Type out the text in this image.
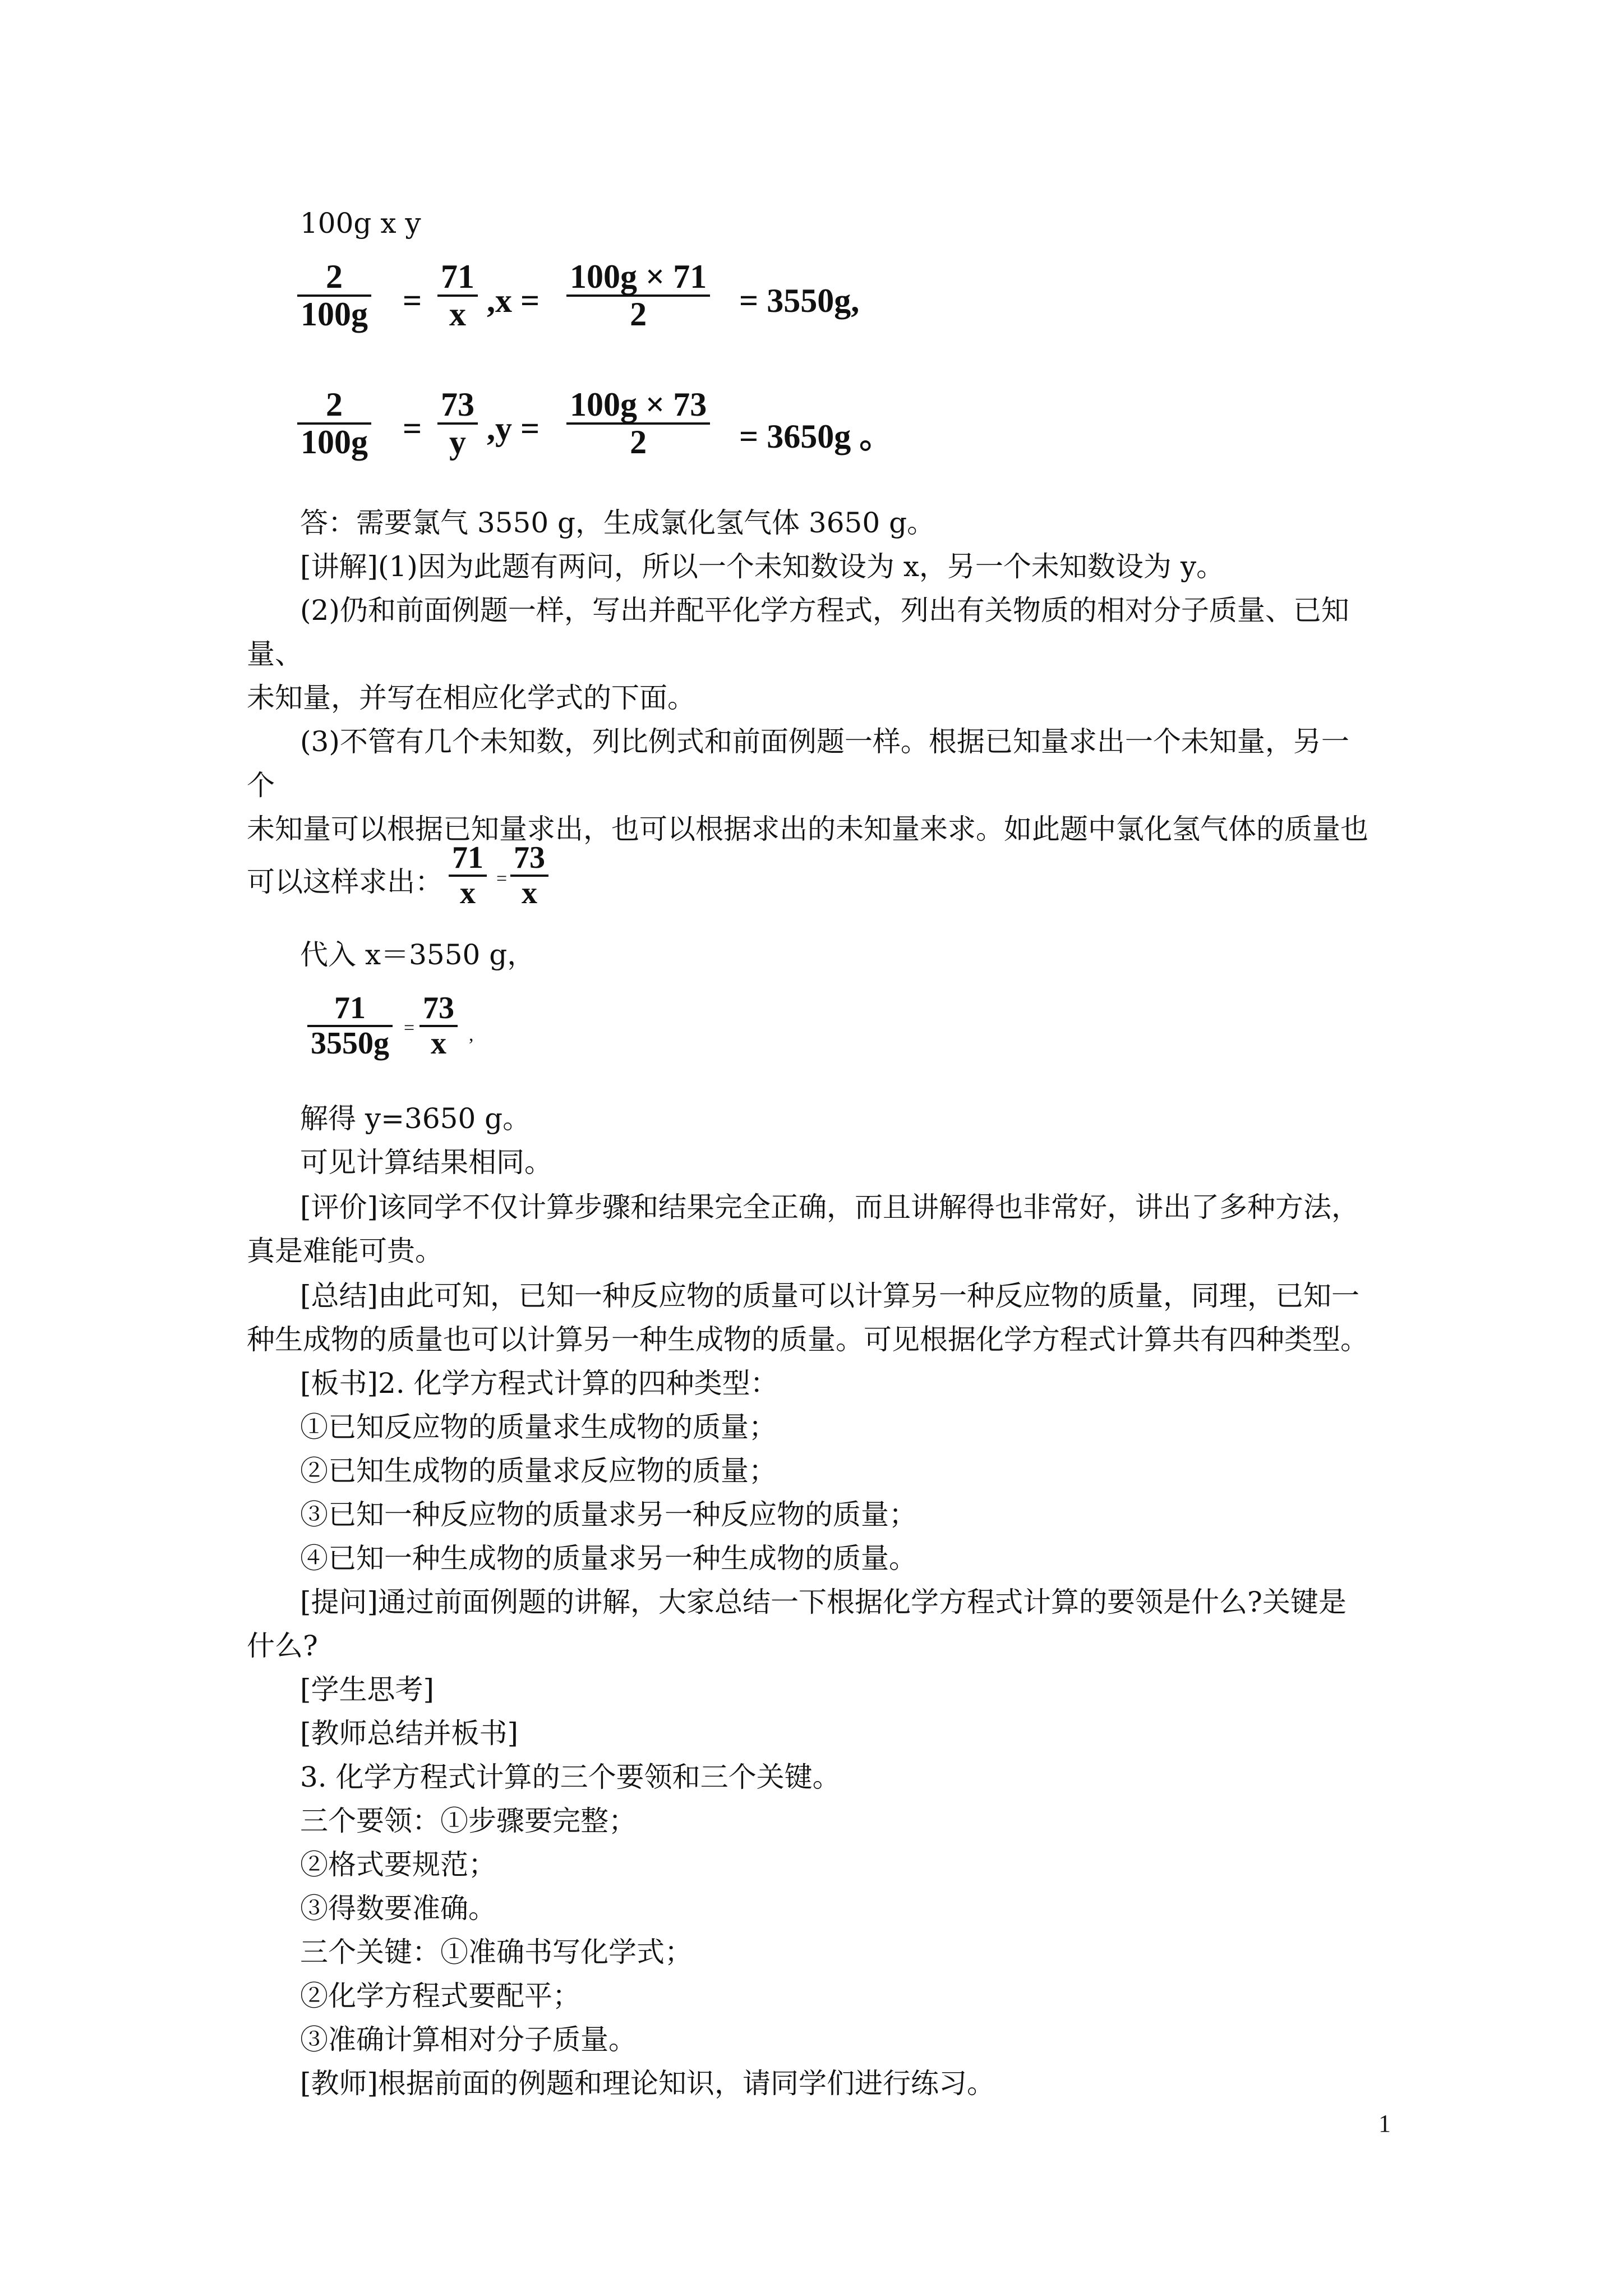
100g x y
2
100g =
71
x ,x =
100g × 71
2	= 3550g,
2
100g =
73
y ,y =
100g × 73
2	= 3650g 。
答：需要氯气 3550 g，生成氯化氢气体 3650 g。
[讲解](1)因为此题有两问，所以一个未知数设为 x，另一个未知数设为 y。
(2)仍和前面例题一样，写出并配平化学方程式，列出有关物质的相对分子质量、已知
量、
未知量，并写在相应化学式的下面。
(3)不管有几个未知数，列比例式和前面例题一样。根据已知量求出一个未知量，另一
个
未知量可以根据已知量求出，也可以根据求出的未知量来求。如此题中氯化氢气体的质量也
可以这样求出：
71
x =
73
x
代入 x＝3550 g，
71
3550g =
73
x ,
解得 y=3650 g。
可见计算结果相同。
[评价]该同学不仅计算步骤和结果完全正确，而且讲解得也非常好，讲出了多种方法，
真是难能可贵。
[总结]由此可知，已知一种反应物的质量可以计算另一种反应物的质量，同理，已知一
种生成物的质量也可以计算另一种生成物的质量。可见根据化学方程式计算共有四种类型。
[板书]2. 化学方程式计算的四种类型：
①已知反应物的质量求生成物的质量；
②已知生成物的质量求反应物的质量；
③已知一种反应物的质量求另一种反应物的质量；
④已知一种生成物的质量求另一种生成物的质量。
[提问]通过前面例题的讲解，大家总结一下根据化学方程式计算的要领是什么?关键是
什么?
[学生思考]
[教师总结并板书]
3. 化学方程式计算的三个要领和三个关键。
三个要领：①步骤要完整；
②格式要规范；
③得数要准确。
三个关键：①准确书写化学式；
②化学方程式要配平；
③准确计算相对分子质量。
[教师]根据前面的例题和理论知识，请同学们进行练习。
1
